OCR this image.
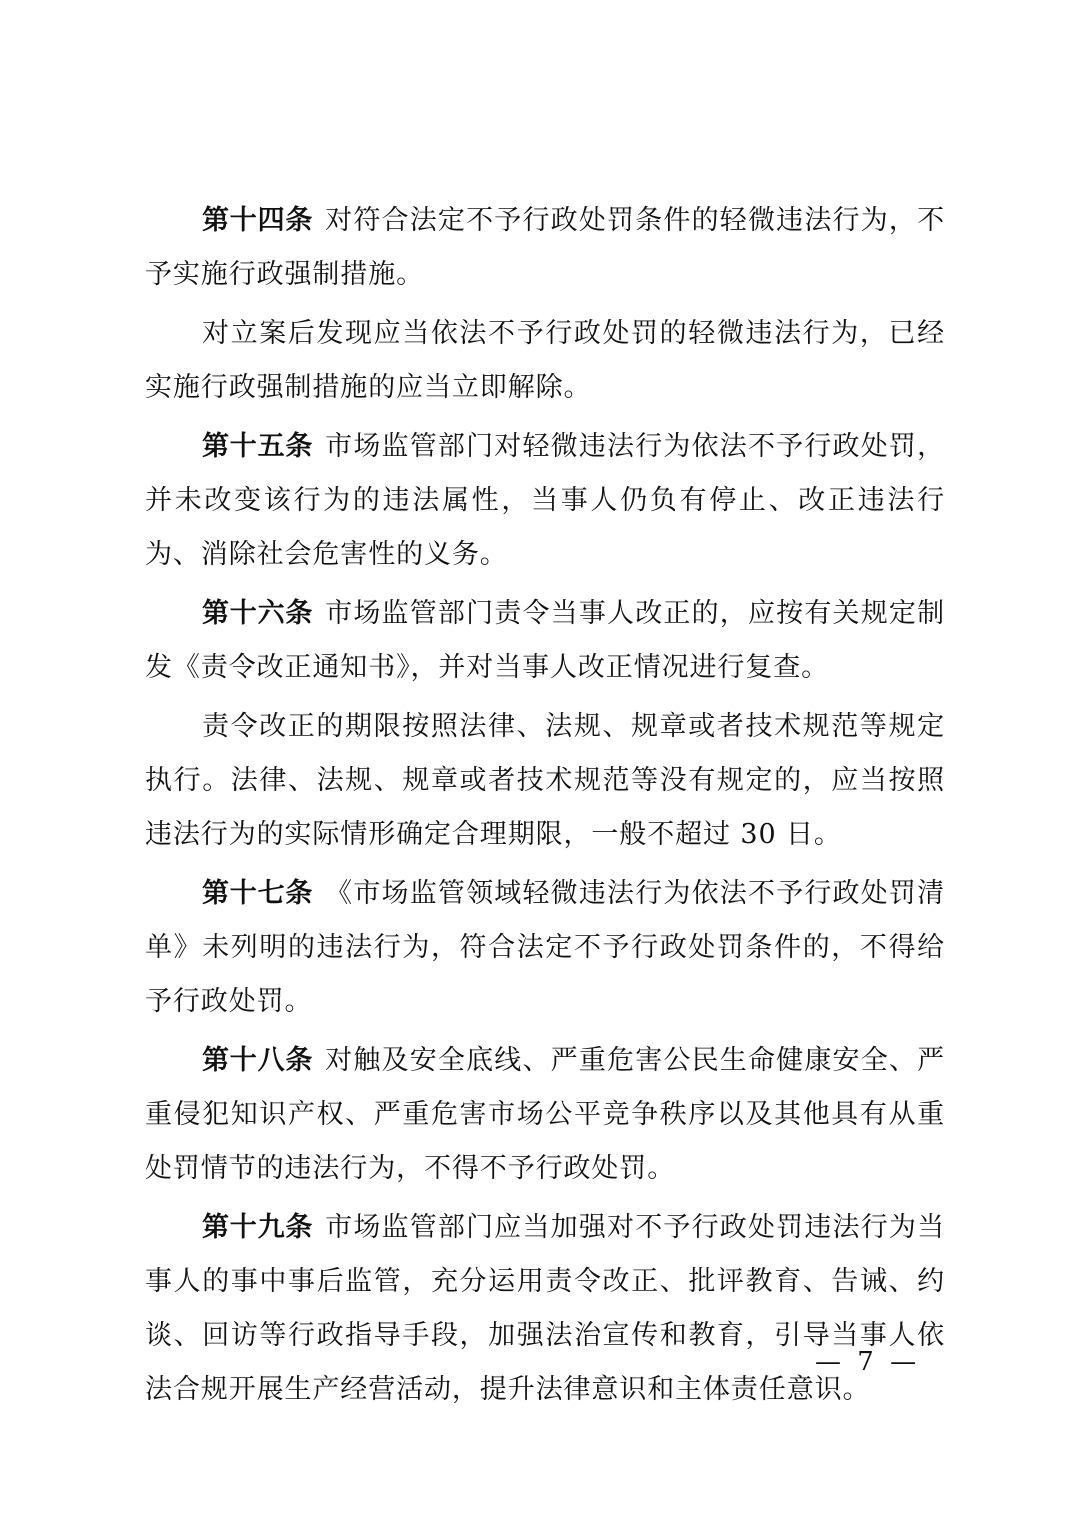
第十四条 对符合法定不予行政处罚条件的轻微违法行为，不予实施行政强制措施。

对立案后发现应当依法不予行政处罚的轻微违法行为，已经实施行政强制措施的应当立即解除。

第十五条 市场监管部门对轻微违法行为依法不予行政处罚，并未改变该行为的违法属性，当事人仍负有停止、改正违法行为、消除社会危害性的义务。

第十六条 市场监管部门责令当事人改正的，应按有关规定制发《责令改正通知书》，并对当事人改正情况进行复查。

责令改正的期限按照法律、法规、规章或者技术规范等规定执行。法律、法规、规章或者技术规范等没有规定的，应当按照违法行为的实际情形确定合理期限，一般不超过 30 日。

第十七条 《市场监管领域轻微违法行为依法不予行政处罚清单》未列明的违法行为，符合法定不予行政处罚条件的，不得给予行政处罚。

第十八条 对触及安全底线、严重危害公民生命健康安全、严重侵犯知识产权、严重危害市场公平竞争秩序以及其他具有从重处罚情节的违法行为，不得不予行政处罚。

第十九条 市场监管部门应当加强对不予行政处罚违法行为当事人的事中事后监管，充分运用责令改正、批评教育、告诫、约谈、回访等行政指导手段，加强法治宣传和教育，引导当事人依法合规开展生产经营活动，提升法律意识和主体责任意识。

— 7 —
